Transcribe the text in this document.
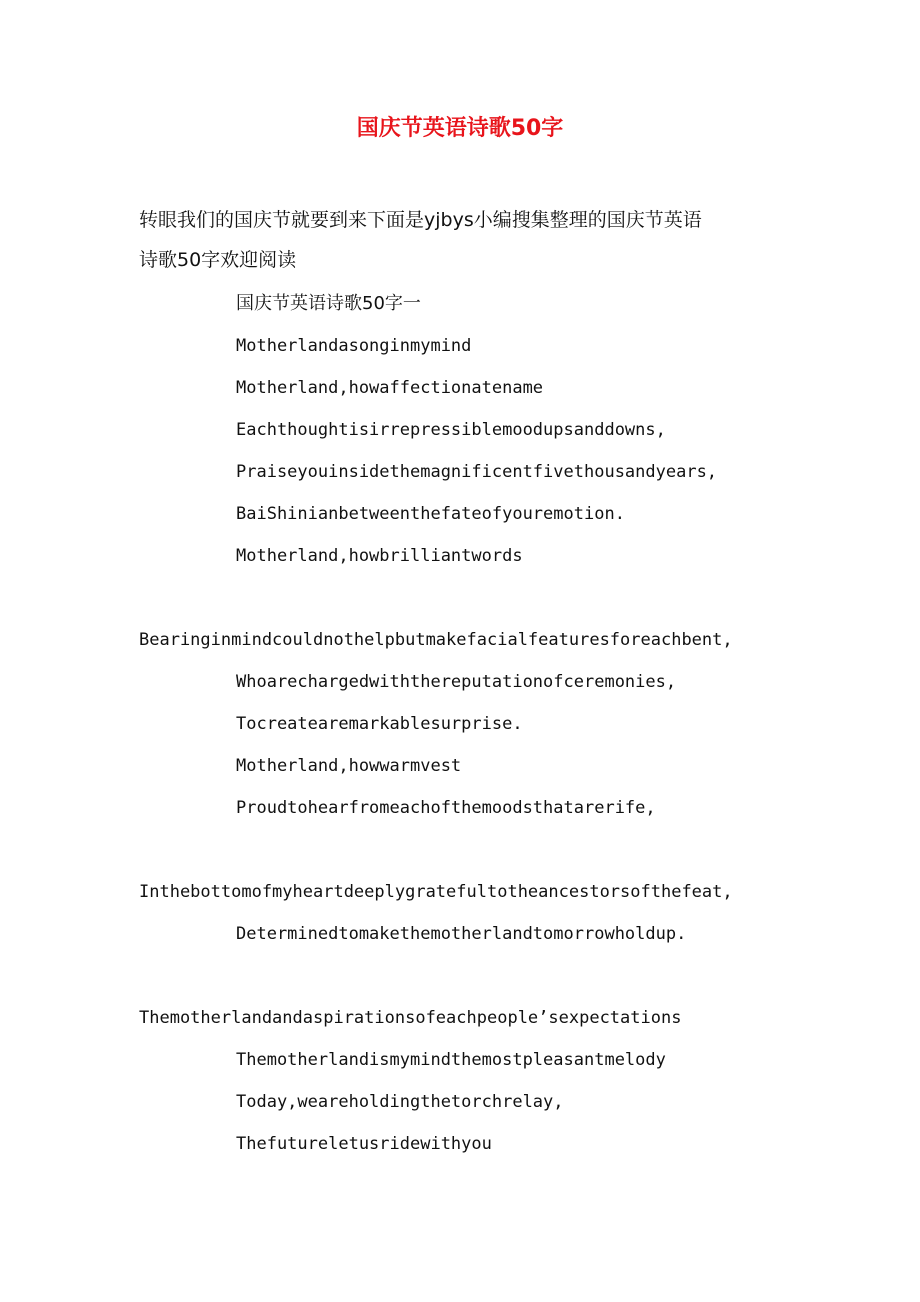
国庆节英语诗歌50字
转眼我们的国庆节就要到来下面是yjbys小编搜集整理的国庆节英语
诗歌50字欢迎阅读
国庆节英语诗歌50字一
Motherlandasonginmymind
Motherland,howaffectionatename
Eachthoughtisirrepressiblemoodupsanddowns,
Praiseyouinsidethemagnificentfivethousandyears,
BaiShinianbetweenthefateofyouremotion.
Motherland,howbrilliantwords
Bearinginmindcouldnothelpbutmakefacialfeaturesforeachbent,
Whoarechargedwiththereputationofceremonies,
Tocreatearemarkablesurprise.
Motherland,howwarmvest
Proudtohearfromeachofthemoodsthatarerife,
Inthebottomofmyheartdeeplygratefultotheancestorsofthefeat,
Determinedtomakethemotherlandtomorrowholdup.
Themotherlandandaspirationsofeachpeople’sexpectations
Themotherlandismymindthemostpleasantmelody
Today,weareholdingthetorchrelay,
Thefutureletusridewithyou
